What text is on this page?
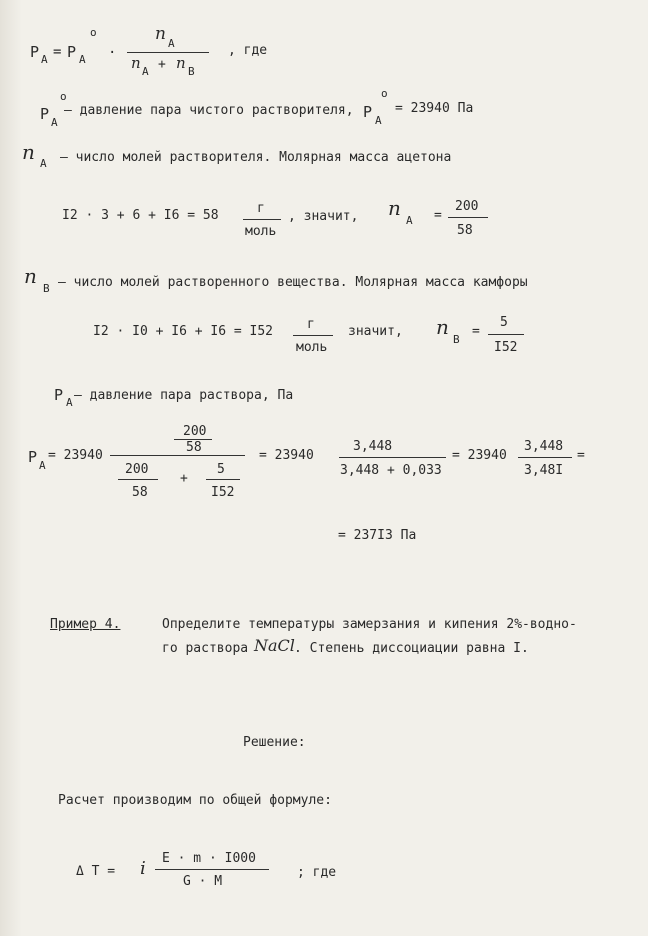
P A = P A
о
·
n A
n A + n B
, где
P A
о
– давление пара чистого растворителя, P A
о
= 23940 Па
n A – число молей растворителя. Молярная масса ацетона
I2 · 3 + 6 + I6 = 58	г
моль
, значит, n
A =
200
58
n
B – число молей растворенного вещества. Молярная масса камфоры
I2 · I0 + I6 + I6 = I52	г
моль
значит, n
B
=
5
I52
P A – давление пара раствора, Па
P A
= 23940
200
58
200
58
+
5
I52
= 23940
3,448
3,448 + 0,033
= 23940
3,448
3,48I
=
= 237I3 Па
Пример 4.	Определите температуры замерзания и кипения 2%-водно-
го раствора NaCl . Степень диссоциации равна I.
Решение:
Расчет производим по общей формуле:
Δ T = i E · m · I000
G · M
; где
